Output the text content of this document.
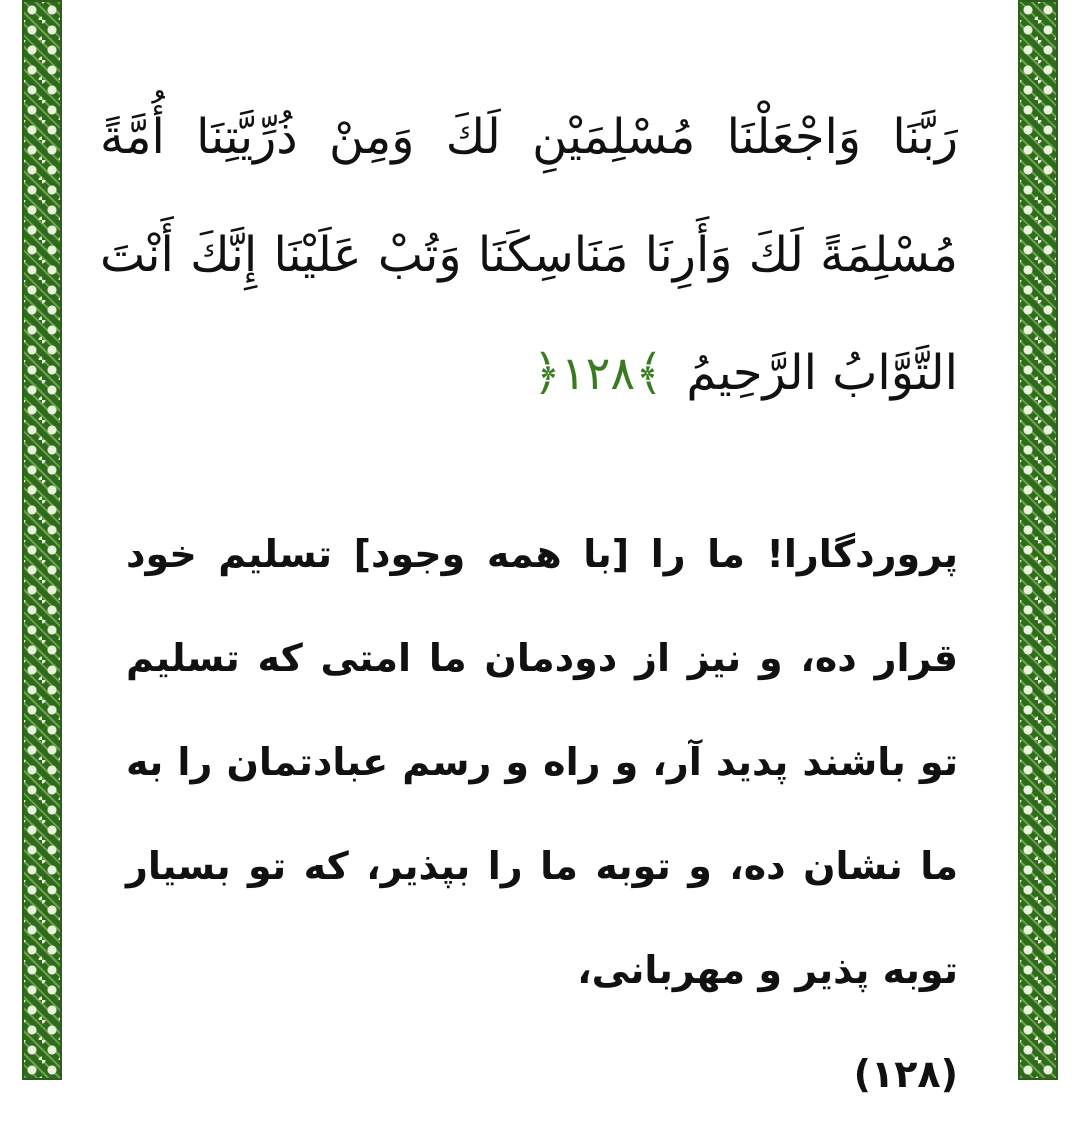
رَبَّنَا وَاجْعَلْنَا مُسْلِمَيْنِ لَكَ وَمِنْ ذُرِّيَّتِنَا أُمَّةً مُسْلِمَةً لَكَ وَأَرِنَا مَنَاسِكَنَا وَتُبْ عَلَيْنَا إِنَّكَ أَنْتَ التَّوَّابُ الرَّحِيمُ ﴾١٢٨﴿
پروردگارا! ما را [با همه وجود] تسلیم خود قرار ده، و نیز از دودمان ما امتی که تسلیم تو باشند پدید آر، و راه و رسم عبادتمان را به ما نشان ده، و توبه ما را بپذیر، که تو بسیار توبه پذیر و مهربانی،
(١٢٨)
